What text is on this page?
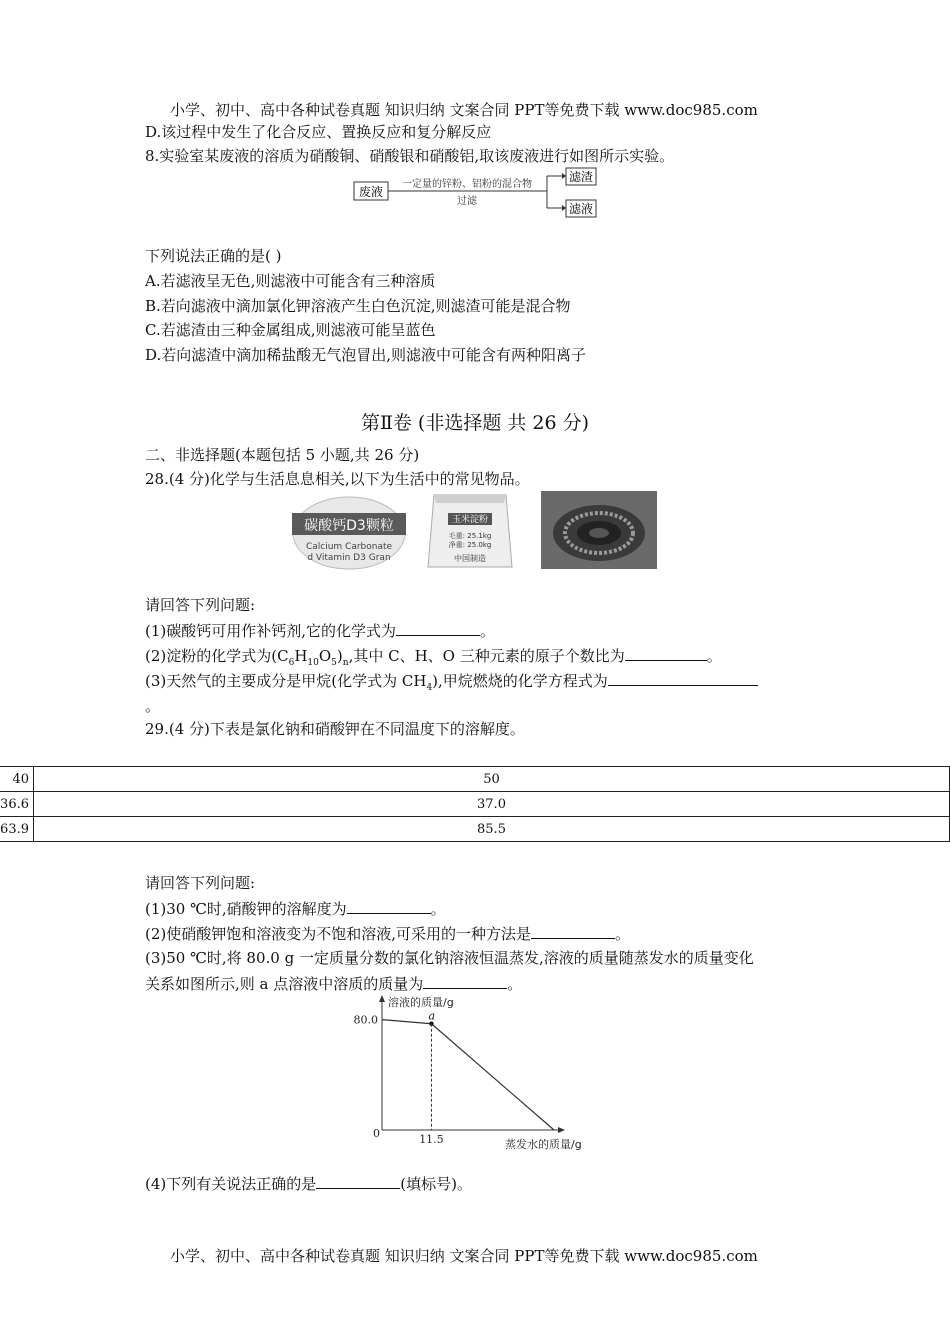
小学、初中、高中各种试卷真题 知识归纳 文案合同 PPT等免费下载 www.doc985.com
D.该过程中发生了化合反应、置换反应和复分解反应
8.实验室某废液的溶质为硝酸铜、硝酸银和硝酸铝,取该废液进行如图所示实验。
废液
一定量的锌粉、铝粉的混合物
过滤
滤渣
滤液
下列说法正确的是( )
A.若滤液呈无色,则滤液中可能含有三种溶质
B.若向滤液中滴加氯化钾溶液产生白色沉淀,则滤渣可能是混合物
C.若滤渣由三种金属组成,则滤液可能呈蓝色
D.若向滤渣中滴加稀盐酸无气泡冒出,则滤液中可能含有两种阳离子
第Ⅱ卷 (非选择题 共 26 分)
二、非选择题(本题包括 5 小题,共 26 分)
28.(4 分)化学与生活息息相关,以下为生活中的常见物品。
碳酸钙D3颗粒
Calcium Carbonate
d Vitamin D3 Gran
玉米淀粉
毛重: 25.1kg
净重: 25.0kg
中国制造
请回答下列问题:
(1)碳酸钙可用作补钙剂,它的化学式为	。
(2)淀粉的化学式为$(C_6H_{10}O_5)_n$,其中 C、H、O 三种元素的原子个数比为	。
(3)天然气的主要成分是甲烷(化学式为 $CH_4$),甲烷燃烧的化学方程式为
。
29.(4 分)下表是氯化钠和硝酸钾在不同温度下的溶解度。
40	50
36.6	37.0
63.9	85.5
请回答下列问题:
(1)30 ℃时,硝酸钾的溶解度为	。
(2)使硝酸钾饱和溶液变为不饱和溶液,可采用的一种方法是	。
(3)50 ℃时,将 80.0 g 一定质量分数的氯化钠溶液恒温蒸发,溶液的质量随蒸发水的质量变化
关系如图所示,则 a 点溶液中溶质的质量为	。
溶液的质量/g
蒸发水的质量/g
0
a
80.0
11.5
(4)下列有关说法正确的是	(填标号)。
小学、初中、高中各种试卷真题 知识归纳 文案合同 PPT等免费下载 www.doc985.com
